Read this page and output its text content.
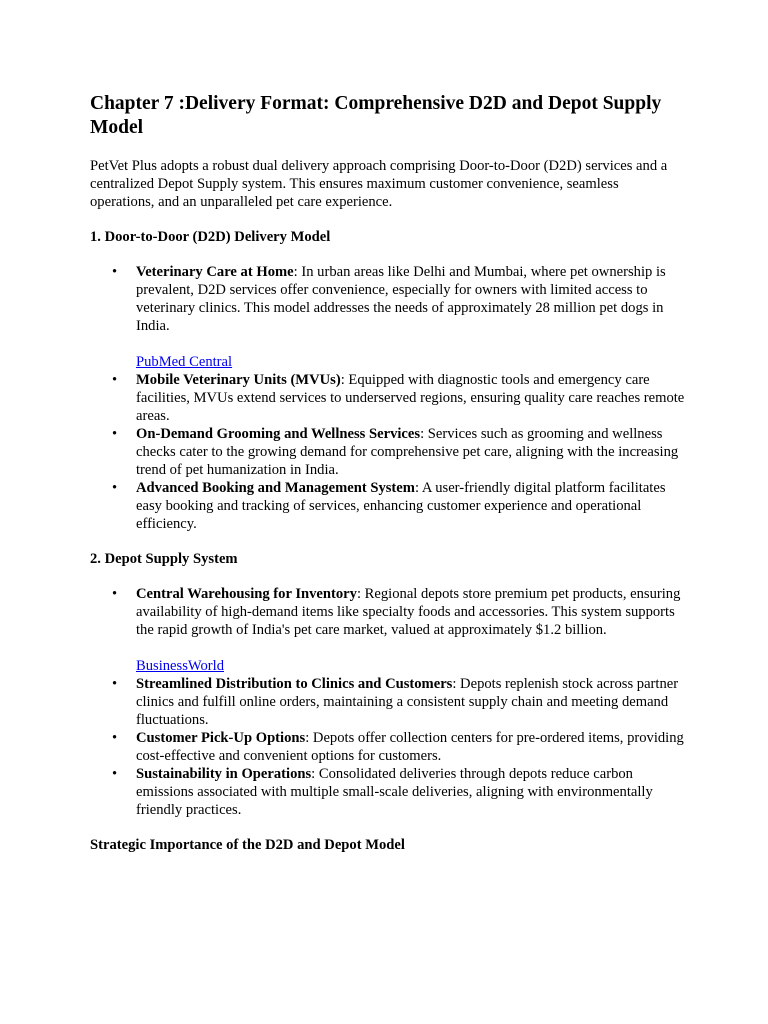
Chapter 7 :Delivery Format: Comprehensive D2D and Depot Supply Model

PetVet Plus adopts a robust dual delivery approach comprising Door-to-Door (D2D) services and a centralized Depot Supply system. This ensures maximum customer convenience, seamless operations, and an unparalleled pet care experience.

1. Door-to-Door (D2D) Delivery Model

• Veterinary Care at Home: In urban areas like Delhi and Mumbai, where pet ownership is prevalent, D2D services offer convenience, especially for owners with limited access to veterinary clinics. This model addresses the needs of approximately 28 million pet dogs in India.

PubMed Central

• Mobile Veterinary Units (MVUs): Equipped with diagnostic tools and emergency care facilities, MVUs extend services to underserved regions, ensuring quality care reaches remote areas.
• On-Demand Grooming and Wellness Services: Services such as grooming and wellness checks cater to the growing demand for comprehensive pet care, aligning with the increasing trend of pet humanization in India.
• Advanced Booking and Management System: A user-friendly digital platform facilitates easy booking and tracking of services, enhancing customer experience and operational efficiency.

2. Depot Supply System

• Central Warehousing for Inventory: Regional depots store premium pet products, ensuring availability of high-demand items like specialty foods and accessories. This system supports the rapid growth of India's pet care market, valued at approximately $1.2 billion.

BusinessWorld

• Streamlined Distribution to Clinics and Customers: Depots replenish stock across partner clinics and fulfill online orders, maintaining a consistent supply chain and meeting demand fluctuations.
• Customer Pick-Up Options: Depots offer collection centers for pre-ordered items, providing cost-effective and convenient options for customers.
• Sustainability in Operations: Consolidated deliveries through depots reduce carbon emissions associated with multiple small-scale deliveries, aligning with environmentally friendly practices.

Strategic Importance of the D2D and Depot Model
